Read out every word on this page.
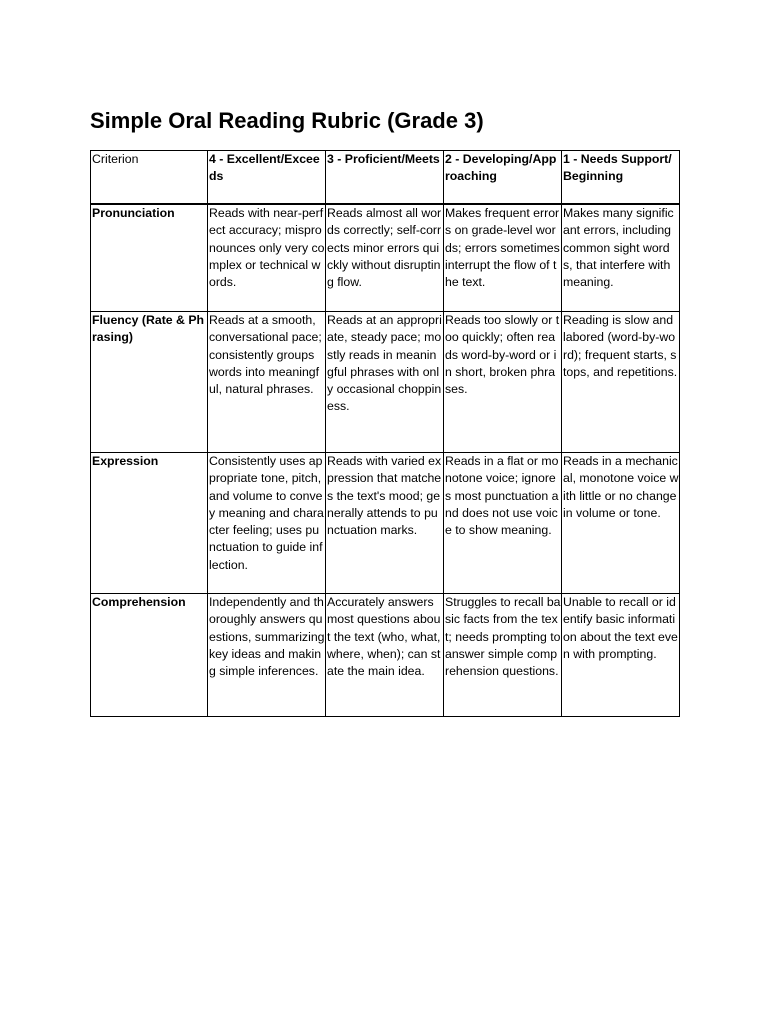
Simple Oral Reading Rubric (Grade 3)
Criterion	4 - Excellent/Exceeds	3 - Proficient/Meets	2 - Developing/Approaching	1 - Needs Support/Beginning
Pronunciation	Reads with near-perfect accuracy; mispronounces only very complex or technical words.	Reads almost all words correctly; self-corrects minor errors quickly without disrupting flow.	Makes frequent errors on grade-level words; errors sometimes interrupt the flow of the text.	Makes many significant errors, including common sight words, that interfere with meaning.
Fluency (Rate & Phrasing)	Reads at a smooth, conversational pace; consistently groups words into meaningful, natural phrases.	Reads at an appropriate, steady pace; mostly reads in meaningful phrases with only occasional choppiness.	Reads too slowly or too quickly; often reads word-by-word or in short, broken phrases.	Reading is slow and labored (word-by-word); frequent starts, stops, and repetitions.
Expression	Consistently uses appropriate tone, pitch, and volume to convey meaning and character feeling; uses punctuation to guide inflection.	Reads with varied expression that matches the text's mood; generally attends to punctuation marks.	Reads in a flat or monotone voice; ignores most punctuation and does not use voice to show meaning.	Reads in a mechanical, monotone voice with little or no change in volume or tone.
Comprehension	Independently and thoroughly answers questions, summarizing key ideas and making simple inferences.	Accurately answers most questions about the text (who, what, where, when); can state the main idea.	Struggles to recall basic facts from the text; needs prompting to answer simple comprehension questions.	Unable to recall or identify basic information about the text even with prompting.
